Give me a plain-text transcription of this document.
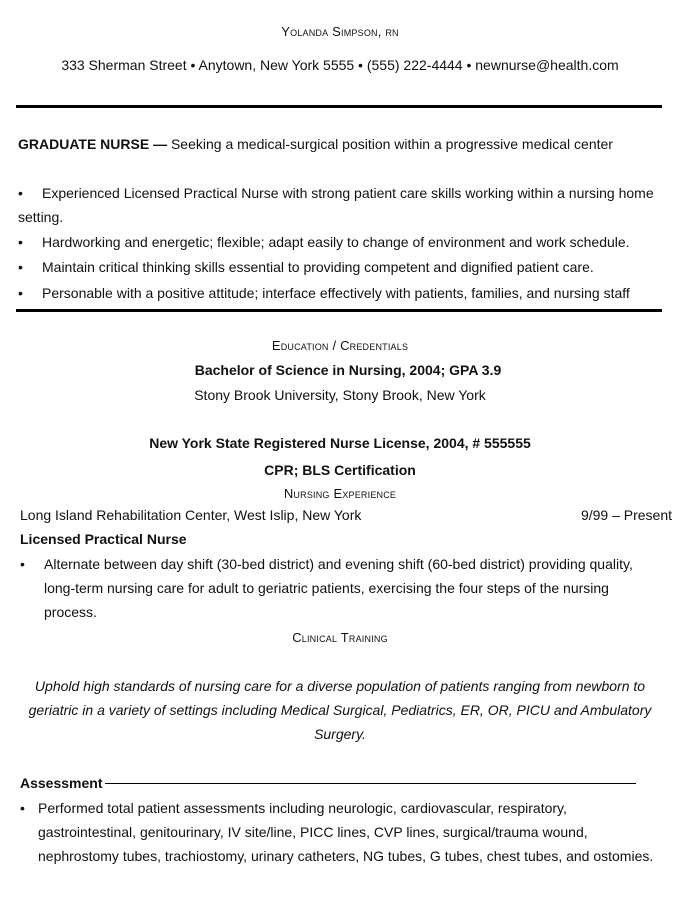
Yolanda Simpson, rn
333 Sherman Street • Anytown, New York 5555 • (555) 222-4444 • newnurse@health.com
GRADUATE NURSE — Seeking a medical-surgical position within a progressive medical center
•	Experienced Licensed Practical Nurse with strong patient care skills working within a nursing home setting.
•	Hardworking and energetic; flexible; adapt easily to change of environment and work schedule.
•	Maintain critical thinking skills essential to providing competent and dignified patient care.
•	Personable with a positive attitude; interface effectively with patients, families, and nursing staff
Education / Credentials
Bachelor of Science in Nursing, 2004; GPA 3.9
Stony Brook University, Stony Brook, New York
New York State Registered Nurse License, 2004, # 555555
CPR; BLS Certification
Nursing Experience
Long Island Rehabilitation Center, West Islip, New York	9/99 – Present
Licensed Practical Nurse
•	Alternate between day shift (30-bed district) and evening shift (60-bed district) providing quality, long-term nursing care for adult to geriatric patients, exercising the four steps of the nursing process.
Clinical Training
Uphold high standards of nursing care for a diverse population of patients ranging from newborn to geriatric in a variety of settings including Medical Surgical, Pediatrics, ER, OR, PICU and Ambulatory Surgery.
Assessment
• Performed total patient assessments including neurologic, cardiovascular, respiratory, gastrointestinal, genitourinary, IV site/line, PICC lines, CVP lines, surgical/trauma wound, nephrostomy tubes, trachiostomy, urinary catheters, NG tubes, G tubes, chest tubes, and ostomies.
